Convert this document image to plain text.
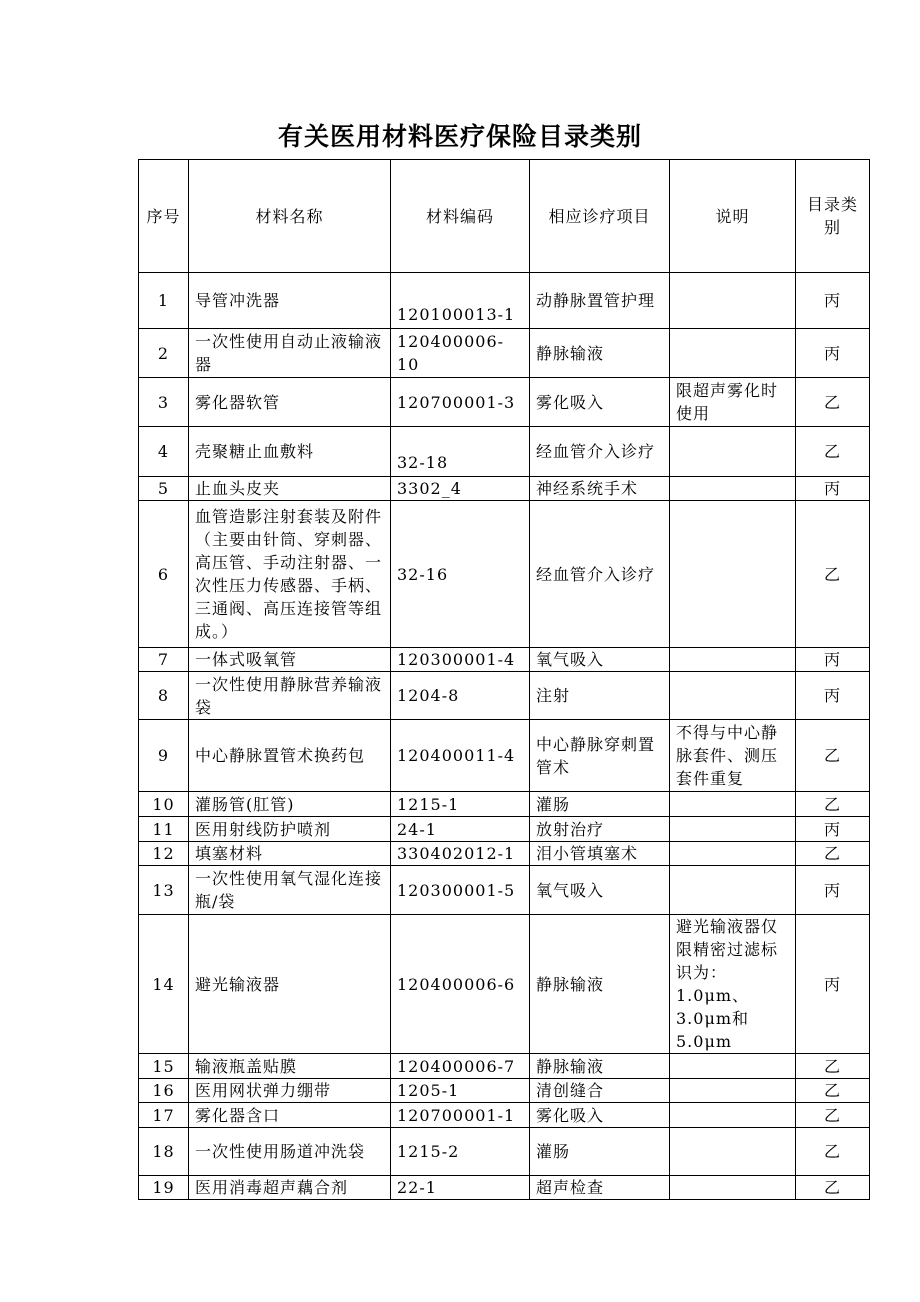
有关医用材料医疗保险目录类别
序号	材料名称	材料编码	相应诊疗项目	说明	目录类别
1	导管冲洗器	120100013-1	动静脉置管护理		丙
2	一次性使用自动止液输液器	120400006-10	静脉输液		丙
3	雾化器软管	120700001-3	雾化吸入	限超声雾化时使用	乙
4	壳聚糖止血敷料	32-18	经血管介入诊疗		乙
5	止血头皮夹	3302_4	神经系统手术		丙
6	血管造影注射套装及附件（主要由针筒、穿刺器、高压管、手动注射器、一次性压力传感器、手柄、三通阀、高压连接管等组成。）	32-16	经血管介入诊疗		乙
7	一体式吸氧管	120300001-4	氧气吸入		丙
8	一次性使用静脉营养输液袋	1204-8	注射		丙
9	中心静脉置管术换药包	120400011-4	中心静脉穿刺置管术	不得与中心静脉套件、测压套件重复	乙
10	灌肠管(肛管)	1215-1	灌肠		乙
11	医用射线防护喷剂	24-1	放射治疗		丙
12	填塞材料	330402012-1	泪小管填塞术		乙
13	一次性使用氧气湿化连接瓶/袋	120300001-5	氧气吸入		丙
14	避光输液器	120400006-6	静脉输液	避光输液器仅限精密过滤标识为：1.0μm、3.0μm和5.0μm	丙
15	输液瓶盖贴膜	120400006-7	静脉输液		乙
16	医用网状弹力绷带	1205-1	清创缝合		乙
17	雾化器含口	120700001-1	雾化吸入		乙
18	一次性使用肠道冲洗袋	1215-2	灌肠		乙
19	医用消毒超声藕合剂	22-1	超声检查		乙
